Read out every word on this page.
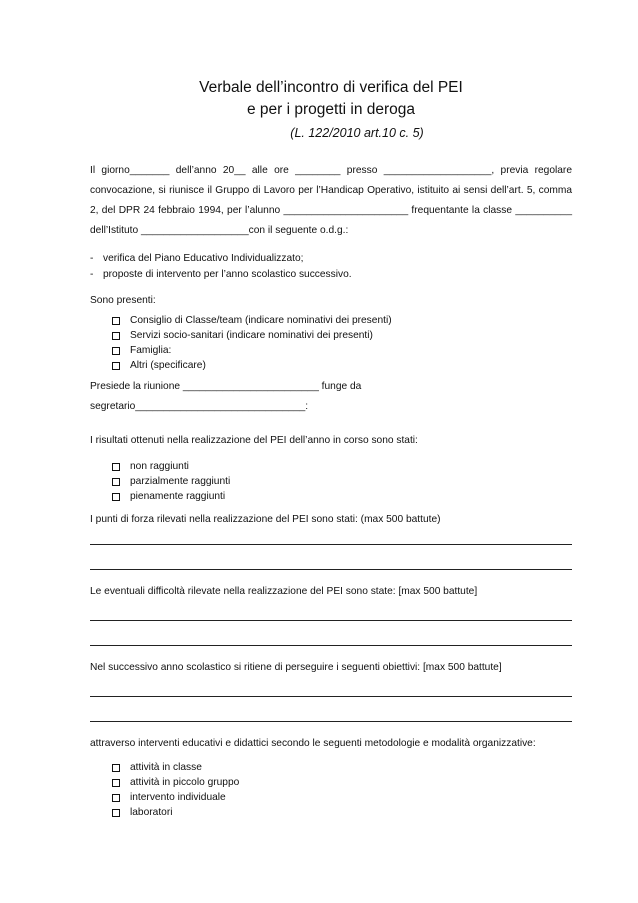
Verbale dell’incontro di verifica del PEI
e per i progetti in deroga
(L. 122/2010 art.10 c. 5)
Il giorno_______ dell’anno 20__ alle ore ________ presso ___________________, previa regolare convocazione, si riunisce il Gruppo di Lavoro per l’Handicap Operativo, istituito ai sensi dell’art. 5, comma 2, del DPR 24 febbraio 1994, per l’alunno ______________________ frequentante la classe __________ dell’Istituto ___________________con il seguente o.d.g.:
- verifica del Piano Educativo Individualizzato;
- proposte di intervento per l’anno scolastico successivo.
Sono presenti:
Consiglio di Classe/team (indicare nominativi dei presenti)
Servizi socio-sanitari (indicare nominativi dei presenti)
Famiglia:
Altri (specificare)
Presiede la riunione ________________________ funge da
segretario______________________________:
I risultati ottenuti nella realizzazione del PEI dell’anno in corso sono stati:
non raggiunti
parzialmente raggiunti
pienamente raggiunti
I punti di forza rilevati nella realizzazione del PEI sono stati: (max 500 battute)
Le eventuali difficoltà rilevate nella realizzazione del PEI sono state: [max 500 battute]
Nel successivo anno scolastico si ritiene di perseguire i seguenti obiettivi: [max 500 battute]
attraverso interventi educativi e didattici secondo le seguenti metodologie e modalità organizzative:
attività in classe
attività in piccolo gruppo
intervento individuale
laboratori
